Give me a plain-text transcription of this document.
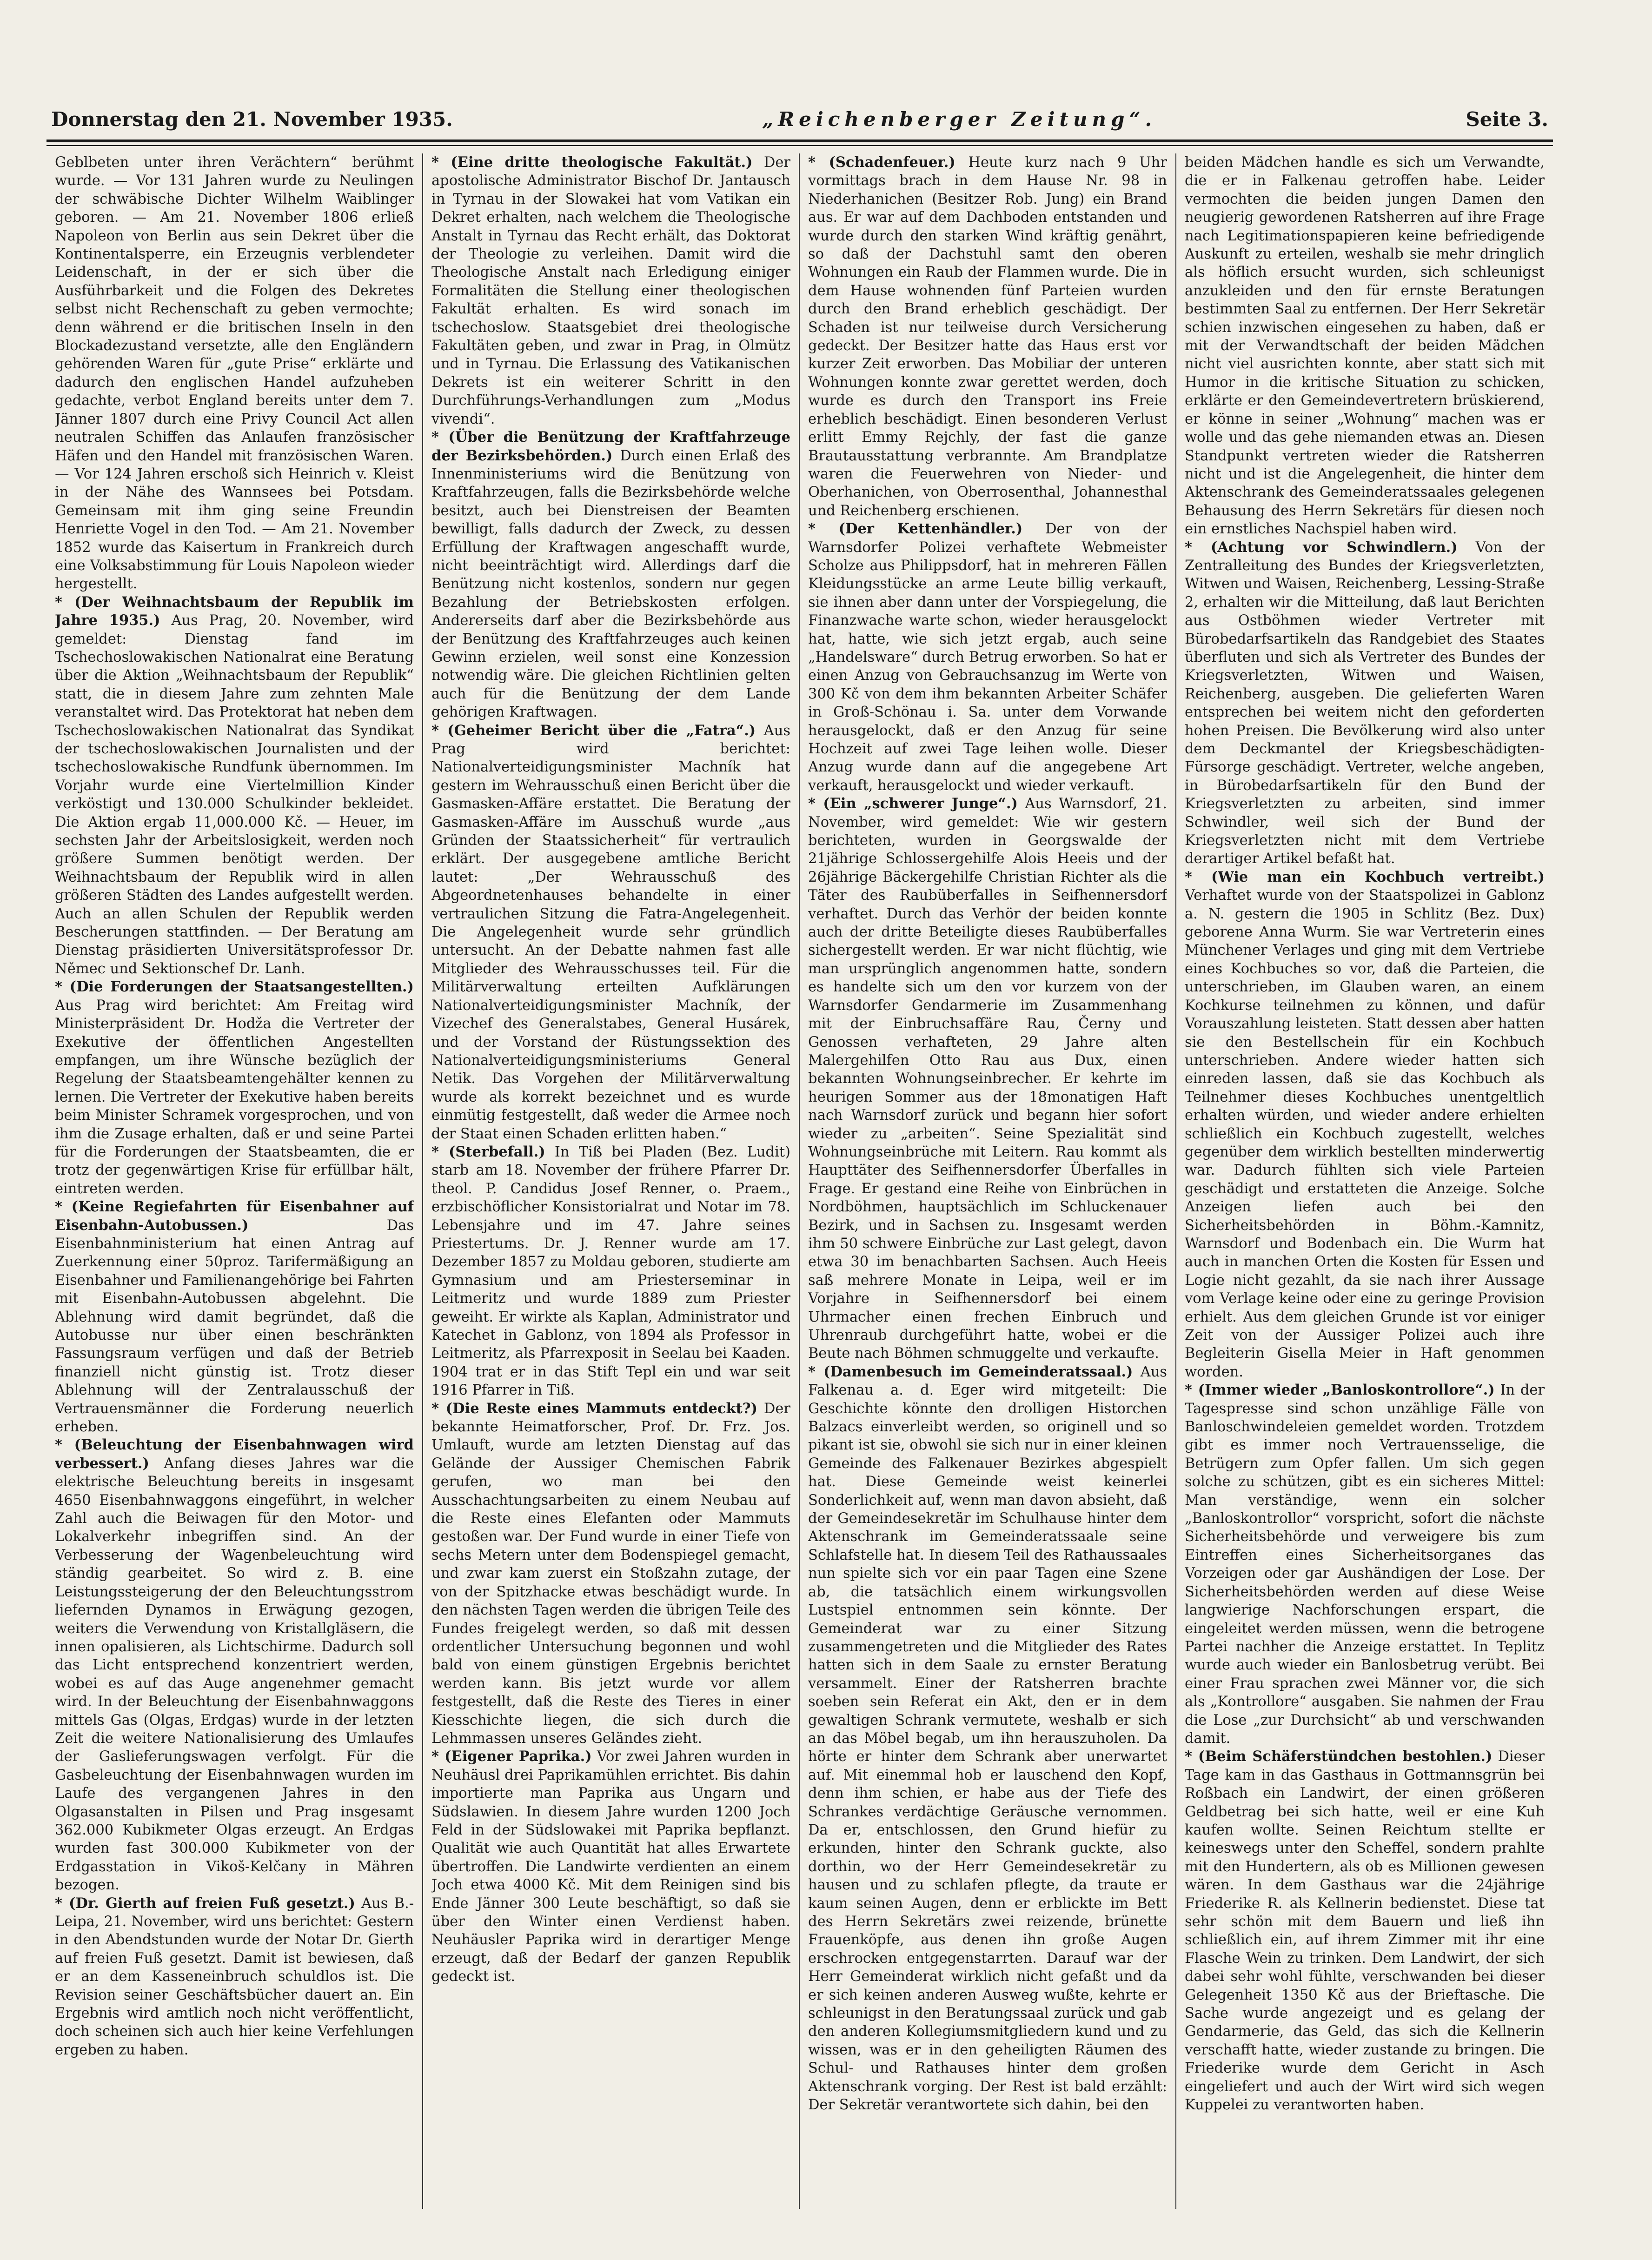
Donnerstag den 21. November 1935.	„Reichenberger Zeitung“.	Seite 3.

Geblbeten unter ihren Verächtern“ berühmt wurde. — Vor 131 Jahren wurde zu Neulingen der schwäbische Dichter Wilhelm Waiblinger geboren. — Am 21. November 1806 erließ Napoleon von Berlin aus sein Dekret über die Kontinentalsperre, ein Erzeugnis verblendeter Leidenschaft, in der er sich über die Ausführbarkeit und die Folgen des Dekretes selbst nicht Rechenschaft zu geben vermochte; denn während er die britischen Inseln in den Blockadezustand versetzte, alle den Engländern gehörenden Waren für „gute Prise“ erklärte und dadurch den englischen Handel aufzuheben gedachte, verbot England bereits unter dem 7. Jänner 1807 durch eine Privy Council Act allen neutralen Schiffen das Anlaufen französischer Häfen und den Handel mit französischen Waren. — Vor 124 Jahren erschoß sich Heinrich v. Kleist in der Nähe des Wannsees bei Potsdam. Gemeinsam mit ihm ging seine Freundin Henriette Vogel in den Tod. — Am 21. November 1852 wurde das Kaisertum in Frankreich durch eine Volksabstimmung für Louis Napoleon wieder hergestellt.

* (Der Weihnachtsbaum der Republik im Jahre 1935.) Aus Prag, 20. November, wird gemeldet: Dienstag fand im Tschechoslowakischen Nationalrat eine Beratung über die Aktion „Weihnachtsbaum der Republik“ statt, die in diesem Jahre zum zehnten Male veranstaltet wird. Das Protektorat hat neben dem Tschechoslowakischen Nationalrat das Syndikat der tschechoslowakischen Journalisten und der tschechoslowakische Rundfunk übernommen. Im Vorjahr wurde eine Viertelmillion Kinder verköstigt und 130.000 Schulkinder bekleidet. Die Aktion ergab 11,000.000 Kč. — Heuer, im sechsten Jahr der Arbeitslosigkeit, werden noch größere Summen benötigt werden. Der Weihnachtsbaum der Republik wird in allen größeren Städten des Landes aufgestellt werden. Auch an allen Schulen der Republik werden Bescherungen stattfinden. — Der Beratung am Dienstag präsidierten Universitätsprofessor Dr. Němec und Sektionschef Dr. Lanh.

* (Die Forderungen der Staatsangestellten.) Aus Prag wird berichtet: Am Freitag wird Ministerpräsident Dr. Hodža die Vertreter der Exekutive der öffentlichen Angestellten empfangen, um ihre Wünsche bezüglich der Regelung der Staatsbeamtengehälter kennen zu lernen. Die Vertreter der Exekutive haben bereits beim Minister Schramek vorgesprochen, und von ihm die Zusage erhalten, daß er und seine Partei für die Forderungen der Staatsbeamten, die er trotz der gegenwärtigen Krise für erfüllbar hält, eintreten werden.

* (Keine Regiefahrten für Eisenbahner auf Eisenbahn-Autobussen.)	Das Eisenbahnministerium hat einen Antrag auf Zuerkennung einer 50proz. Tarifermäßigung an Eisenbahner und Familienangehörige bei Fahrten mit Eisenbahn-Autobussen abgelehnt. Die Ablehnung wird damit begründet, daß die Autobusse nur über einen beschränkten Fassungsraum verfügen und daß der Betrieb finanziell nicht günstig ist. Trotz dieser Ablehnung will der Zentralausschuß der Vertrauensmänner die Forderung neuerlich erheben.

* (Beleuchtung der Eisenbahnwagen wird verbessert.) Anfang dieses Jahres war die elektrische Beleuchtung bereits in insgesamt 4650 Eisenbahnwaggons eingeführt, in welcher Zahl auch die Beiwagen für den Motor- und Lokalverkehr inbegriffen sind. An der Verbesserung der Wagenbeleuchtung wird ständig gearbeitet. So wird z. B. eine Leistungssteigerung der den Beleuchtungsstrom liefernden Dynamos in Erwägung gezogen, weiters die Verwendung von Kristallgläsern, die innen opalisieren, als Lichtschirme. Dadurch soll das Licht entsprechend konzentriert werden, wobei es auf das Auge angenehmer gemacht wird. In der Beleuchtung der Eisenbahnwaggons mittels Gas (Olgas, Erdgas) wurde in der letzten Zeit die weitere Nationalisierung des Umlaufes der Gaslieferungswagen verfolgt. Für die Gasbeleuchtung der Eisenbahnwagen wurden im Laufe des vergangenen Jahres in den Olgasanstalten in Pilsen und Prag insgesamt 362.000 Kubikmeter Olgas erzeugt. An Erdgas wurden fast 300.000 Kubikmeter von der Erdgasstation in Vikoš-Kelčany in Mähren bezogen.

* (Dr. Gierth auf freien Fuß gesetzt.) Aus B.-Leipa, 21. November, wird uns berichtet: Gestern in den Abendstunden wurde der Notar Dr. Gierth auf freien Fuß gesetzt. Damit ist bewiesen, daß er an dem Kasseneinbruch schuldlos ist. Die Revision seiner Geschäftsbücher dauert an. Ein Ergebnis wird amtlich noch nicht veröffentlicht, doch scheinen sich auch hier keine Verfehlungen ergeben zu haben.

* (Eine dritte theologische Fakultät.) Der apostolische Administrator Bischof Dr. Jantausch in Tyrnau in der Slowakei hat vom Vatikan ein Dekret erhalten, nach welchem die Theologische Anstalt in Tyrnau das Recht erhält, das Doktorat der Theologie zu verleihen. Damit wird die Theologische Anstalt nach Erledigung einiger Formalitäten die Stellung einer theologischen Fakultät erhalten. Es wird sonach im tschechoslow. Staatsgebiet drei theologische Fakultäten geben, und zwar in Prag, in Olmütz und in Tyrnau. Die Erlassung des Vatikanischen Dekrets ist ein weiterer Schritt in den Durchführungs-Verhandlungen zum „Modus vivendi“.

* (Über die Benützung der Kraftfahrzeuge der Bezirksbehörden.) Durch einen Erlaß des Innenministeriums wird die Benützung von Kraftfahrzeugen, falls die Bezirksbehörde welche besitzt, auch bei Dienstreisen der Beamten bewilligt, falls dadurch der Zweck, zu dessen Erfüllung der Kraftwagen angeschafft wurde, nicht beeinträchtigt wird. Allerdings darf die Benützung nicht kostenlos, sondern nur gegen Bezahlung der Betriebskosten erfolgen. Andererseits darf aber die Bezirksbehörde aus der Benützung des Kraftfahrzeuges auch keinen Gewinn erzielen, weil sonst eine Konzession notwendig wäre. Die gleichen Richtlinien gelten auch für die Benützung der dem Lande gehörigen Kraftwagen.

* (Geheimer Bericht über die „Fatra“.) Aus Prag wird berichtet: Nationalverteidigungsminister Machník hat gestern im Wehrausschuß einen Bericht über die Gasmasken-Affäre erstattet. Die Beratung der Gasmasken-Affäre im Ausschuß wurde „aus Gründen der Staatssicherheit“ für vertraulich erklärt. Der ausgegebene amtliche Bericht lautet: „Der Wehrausschuß des Abgeordnetenhauses behandelte in einer vertraulichen Sitzung die Fatra-Angelegenheit. Die Angelegenheit wurde sehr gründlich untersucht. An der Debatte nahmen fast alle Mitglieder des Wehrausschusses teil. Für die Militärverwaltung erteilten Aufklärungen Nationalverteidigungsminister Machník, der Vizechef des Generalstabes, General Husárek, und der Vorstand der Rüstungssektion des Nationalverteidigungsministeriums General Netik. Das Vorgehen der Militärverwaltung wurde als korrekt bezeichnet und es wurde einmütig festgestellt, daß weder die Armee noch der Staat einen Schaden erlitten haben.“

* (Sterbefall.) In Tiß bei Pladen (Bez. Ludit) starb am 18. November der frühere Pfarrer Dr. theol. P. Candidus Josef Renner, o. Praem., erzbischöflicher Konsistorialrat und Notar im 78. Lebensjahre und im 47. Jahre seines Priestertums. Dr. J. Renner wurde am 17. Dezember 1857 zu Moldau geboren, studierte am Gymnasium und am Priesterseminar in Leitmeritz und wurde 1889 zum Priester geweiht. Er wirkte als Kaplan, Administrator und Katechet in Gablonz, von 1894 als Professor in Leitmeritz, als Pfarrexposit in Seelau bei Kaaden. 1904 trat er in das Stift Tepl ein und war seit 1916 Pfarrer in Tiß.

* (Die Reste eines Mammuts entdeckt?) Der bekannte Heimatforscher, Prof. Dr. Frz. Jos. Umlauft, wurde am letzten Dienstag auf das Gelände der Aussiger Chemischen Fabrik gerufen, wo man bei den Ausschachtungsarbeiten zu einem Neubau auf die Reste eines Elefanten oder Mammuts gestoßen war. Der Fund wurde in einer Tiefe von sechs Metern unter dem Bodenspiegel gemacht, und zwar kam zuerst ein Stoßzahn zutage, der von der Spitzhacke etwas beschädigt wurde. In den nächsten Tagen werden die übrigen Teile des Fundes freigelegt werden, so daß mit dessen ordentlicher Untersuchung begonnen und wohl bald von einem günstigen Ergebnis berichtet werden kann. Bis jetzt wurde vor allem festgestellt, daß die Reste des Tieres in einer Kiesschichte liegen, die sich durch die Lehmmassen unseres Geländes zieht.

* (Eigener Paprika.) Vor zwei Jahren wurden in Neuhäusl drei Paprikamühlen errichtet. Bis dahin importierte man Paprika aus Ungarn und Südslawien. In diesem Jahre wurden 1200 Joch Feld in der Südslowakei mit Paprika bepflanzt. Qualität wie auch Quantität hat alles Erwartete übertroffen. Die Landwirte verdienten an einem Joch etwa 4000 Kč. Mit dem Reinigen sind bis Ende Jänner 300 Leute beschäftigt, so daß sie über den Winter einen Verdienst haben. Neuhäusler Paprika wird in derartiger Menge erzeugt, daß der Bedarf der ganzen Republik gedeckt ist.

* (Schadenfeuer.) Heute kurz nach 9 Uhr vormittags brach in dem Hause Nr. 98 in Niederhanichen (Besitzer Rob. Jung) ein Brand aus. Er war auf dem Dachboden entstanden und wurde durch den starken Wind kräftig genährt, so daß der Dachstuhl samt den oberen Wohnungen ein Raub der Flammen wurde. Die in dem Hause wohnenden fünf Parteien wurden durch den Brand erheblich geschädigt. Der Schaden ist nur teilweise durch Versicherung gedeckt. Der Besitzer hatte das Haus erst vor kurzer Zeit erworben. Das Mobiliar der unteren Wohnungen konnte zwar gerettet werden, doch wurde es durch den Transport ins Freie erheblich beschädigt. Einen besonderen Verlust erlitt Emmy Rejchly, der fast die ganze Brautausstattung verbrannte. Am Brandplatze waren die Feuerwehren von Nieder- und Oberhanichen, von Oberrosenthal, Johannesthal und Reichenberg erschienen.

* (Der Kettenhändler.) Der von der Warnsdorfer Polizei verhaftete Webmeister Scholze aus Philippsdorf, hat in mehreren Fällen Kleidungsstücke an arme Leute billig verkauft, sie ihnen aber dann unter der Vorspiegelung, die Finanzwache warte schon, wieder herausgelockt hat, hatte, wie sich jetzt ergab, auch seine „Handelsware“ durch Betrug erworben. So hat er einen Anzug von Gebrauchsanzug im Werte von 300 Kč von dem ihm bekannten Arbeiter Schäfer in Groß-Schönau i. Sa. unter dem Vorwande herausgelockt, daß er den Anzug für seine Hochzeit auf zwei Tage leihen wolle. Dieser Anzug wurde dann auf die angegebene Art verkauft, herausgelockt und wieder verkauft.

* (Ein „schwerer Junge“.) Aus Warnsdorf, 21. November, wird gemeldet: Wie wir gestern berichteten, wurden in Georgswalde der 21jährige Schlossergehilfe Alois Heeis und der 26jährige Bäckergehilfe Christian Richter als die Täter des Raubüberfalles in Seifhennersdorf verhaftet. Durch das Verhör der beiden konnte auch der dritte Beteiligte dieses Raubüberfalles sichergestellt werden. Er war nicht flüchtig, wie man ursprünglich angenommen hatte, sondern es handelte sich um den vor kurzem von der Warnsdorfer Gendarmerie im Zusammenhang mit der Einbruchsaffäre Rau, Černy und Genossen verhafteten, 29 Jahre alten Malergehilfen Otto Rau aus Dux, einen bekannten Wohnungseinbrecher. Er kehrte im heurigen Sommer aus der 18monatigen Haft nach Warnsdorf zurück und begann hier sofort wieder zu „arbeiten“. Seine Spezialität sind Wohnungseinbrüche mit Leitern. Rau kommt als Haupttäter des Seifhennersdorfer Überfalles in Frage. Er gestand eine Reihe von Einbrüchen in Nordböhmen, hauptsächlich im Schluckenauer Bezirk, und in Sachsen zu. Insgesamt werden ihm 50 schwere Einbrüche zur Last gelegt, davon etwa 30 im benachbarten Sachsen. Auch Heeis saß mehrere Monate in Leipa, weil er im Vorjahre in Seifhennersdorf bei einem Uhrmacher einen frechen Einbruch und Uhrenraub durchgeführt hatte, wobei er die Beute nach Böhmen schmuggelte und verkaufte.

* (Damenbesuch im Gemeinderatssaal.) Aus Falkenau a. d. Eger wird mitgeteilt: Die Geschichte könnte den drolligen Historchen Balzacs einverleibt werden, so originell und so pikant ist sie, obwohl sie sich nur in einer kleinen Gemeinde des Falkenauer Bezirkes abgespielt hat. Diese Gemeinde weist keinerlei Sonderlichkeit auf, wenn man davon absieht, daß der Gemeindesekretär im Schulhause hinter dem Aktenschrank im Gemeinderatssaale seine Schlafstelle hat. In diesem Teil des Rathaussaales nun spielte sich vor ein paar Tagen eine Szene ab, die tatsächlich einem wirkungsvollen Lustspiel entnommen sein könnte. Der Gemeinderat war zu einer Sitzung zusammengetreten und die Mitglieder des Rates hatten sich in dem Saale zu ernster Beratung versammelt. Einer der Ratsherren brachte soeben sein Referat ein Akt, den er in dem gewaltigen Schrank vermutete, weshalb er sich an das Möbel begab, um ihn herauszuholen. Da hörte er hinter dem Schrank aber unerwartet auf. Mit einemmal hob er lauschend den Kopf, denn ihm schien, er habe aus der Tiefe des Schrankes verdächtige Geräusche vernommen. Da er, entschlossen, den Grund hiefür zu erkunden, hinter den Schrank guckte, also dorthin, wo der Herr Gemeindesekretär zu hausen und zu schlafen pflegte, da traute er kaum seinen Augen, denn er erblickte im Bett des Herrn Sekretärs zwei reizende, brünette Frauenköpfe, aus denen ihn große Augen erschrocken entgegenstarrten. Darauf war der Herr Gemeinderat wirklich nicht gefaßt und da er sich keinen anderen Ausweg wußte, kehrte er schleunigst in den Beratungssaal zurück und gab den anderen Kollegiumsmitgliedern kund und zu wissen, was er in den geheiligten Räumen des Schul- und Rathauses hinter dem großen Aktenschrank vorging. Der Rest ist bald erzählt: Der Sekretär verantwortete sich dahin, bei den

beiden Mädchen handle es sich um Verwandte, die er in Falkenau getroffen habe. Leider vermochten die beiden jungen Damen den neugierig gewordenen Ratsherren auf ihre Frage nach Legitimationspapieren keine befriedigende Auskunft zu erteilen, weshalb sie mehr dringlich als höflich ersucht wurden, sich schleunigst anzukleiden und den für ernste Beratungen bestimmten Saal zu entfernen. Der Herr Sekretär schien inzwischen eingesehen zu haben, daß er mit der Verwandtschaft der beiden Mädchen nicht viel ausrichten konnte, aber statt sich mit Humor in die kritische Situation zu schicken, erklärte er den Gemeindevertretern brüskierend, er könne in seiner „Wohnung“ machen was er wolle und das gehe niemanden etwas an. Diesen Standpunkt vertreten wieder die Ratsherren nicht und ist die Angelegenheit, die hinter dem Aktenschrank des Gemeinderatssaales gelegenen Behausung des Herrn Sekretärs für diesen noch ein ernstliches Nachspiel haben wird.

* (Achtung vor Schwindlern.) Von der Zentralleitung des Bundes der Kriegsverletzten, Witwen und Waisen, Reichenberg, Lessing-Straße 2, erhalten wir die Mitteilung, daß laut Berichten aus Ostböhmen wieder Vertreter mit Bürobedarfsartikeln das Randgebiet des Staates überfluten und sich als Vertreter des Bundes der Kriegsverletzten, Witwen und Waisen, Reichenberg, ausgeben. Die gelieferten Waren entsprechen bei weitem nicht den geforderten hohen Preisen. Die Bevölkerung wird also unter dem Deckmantel der Kriegsbeschädigten-Fürsorge geschädigt. Vertreter, welche angeben, in Bürobedarfsartikeln für den Bund der Kriegsverletzten zu arbeiten, sind immer Schwindler, weil sich der Bund der Kriegsverletzten nicht mit dem Vertriebe derartiger Artikel befaßt hat.

* (Wie man ein Kochbuch vertreibt.) Verhaftet wurde von der Staatspolizei in Gablonz a. N. gestern die 1905 in Schlitz (Bez. Dux) geborene Anna Wurm. Sie war Vertreterin eines Münchener Verlages und ging mit dem Vertriebe eines Kochbuches so vor, daß die Parteien, die unterschrieben, im Glauben waren, an einem Kochkurse teilnehmen zu können, und dafür Vorauszahlung leisteten. Statt dessen aber hatten sie den Bestellschein für ein Kochbuch unterschrieben. Andere wieder hatten sich einreden lassen, daß sie das Kochbuch als Teilnehmer dieses Kochbuches unentgeltlich erhalten würden, und wieder andere erhielten schließlich ein Kochbuch zugestellt, welches gegenüber dem wirklich bestellten minderwertig war. Dadurch fühlten sich viele Parteien geschädigt und erstatteten die Anzeige. Solche Anzeigen liefen auch bei den Sicherheitsbehörden in Böhm.-Kamnitz, Warnsdorf und Bodenbach ein. Die Wurm hat auch in manchen Orten die Kosten für Essen und Logie nicht gezahlt, da sie nach ihrer Aussage vom Verlage keine oder eine zu geringe Provision erhielt. Aus dem gleichen Grunde ist vor einiger Zeit von der Aussiger Polizei auch ihre Begleiterin Gisella Meier in Haft genommen worden.

* (Immer wieder „Banloskontrollore“.) In der Tagespresse sind schon unzählige Fälle von Banloschwindeleien gemeldet worden. Trotzdem gibt es immer noch Vertrauensselige, die Betrügern zum Opfer fallen. Um sich gegen solche zu schützen, gibt es ein sicheres Mittel: Man verständige, wenn ein solcher „Banloskontrollor“ vorspricht, sofort die nächste Sicherheitsbehörde und verweigere bis zum Eintreffen eines Sicherheitsorganes das Vorzeigen oder gar Aushändigen der Lose. Der Sicherheitsbehörden werden auf diese Weise langwierige Nachforschungen erspart, die eingeleitet werden müssen, wenn die betrogene Partei nachher die Anzeige erstattet. In Teplitz wurde auch wieder ein Banlosbetrug verübt. Bei einer Frau sprachen zwei Männer vor, die sich als „Kontrollore“ ausgaben. Sie nahmen der Frau die Lose „zur Durchsicht“ ab und verschwanden damit.

* (Beim Schäferstündchen bestohlen.) Dieser Tage kam in das Gasthaus in Gottmannsgrün bei Roßbach ein Landwirt, der einen größeren Geldbetrag bei sich hatte, weil er eine Kuh kaufen wollte. Seinen Reichtum stellte er keineswegs unter den Scheffel, sondern prahlte mit den Hundertern, als ob es Millionen gewesen wären. In dem Gasthaus war die 24jährige Friederike R. als Kellnerin bedienstet. Diese tat sehr schön mit dem Bauern und ließ ihn schließlich ein, auf ihrem Zimmer mit ihr eine Flasche Wein zu trinken. Dem Landwirt, der sich dabei sehr wohl fühlte, verschwanden bei dieser Gelegenheit 1350 Kč aus der Brieftasche. Die Sache wurde angezeigt und es gelang der Gendarmerie, das Geld, das sich die Kellnerin verschafft hatte, wieder zustande zu bringen. Die Friederike wurde dem Gericht in Asch eingeliefert und auch der Wirt wird sich wegen Kuppelei zu verantworten haben.
